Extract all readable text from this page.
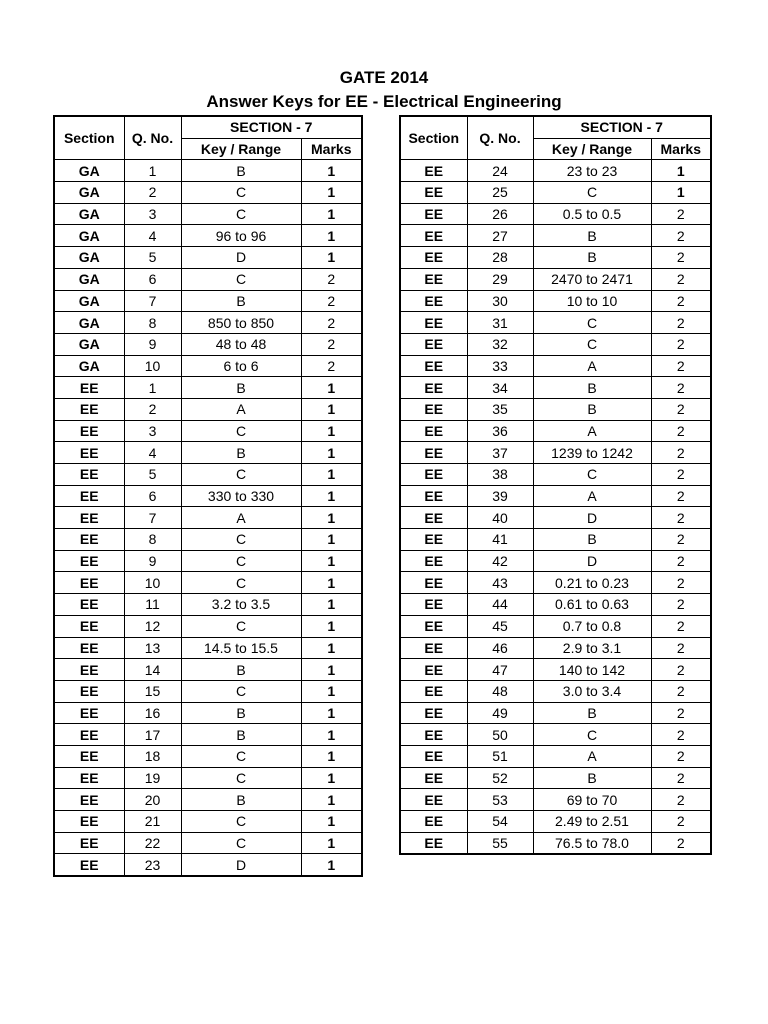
GATE 2014
Answer Keys for EE - Electrical Engineering
Section	Q. No.	SECTION - 7	
		Key / Range	Marks
GA	1	B	1
GA	2	C	1
GA	3	C	1
GA	4	96 to 96	1
GA	5	D	1
GA	6	C	2
GA	7	B	2
GA	8	850 to 850	2
GA	9	48 to 48	2
GA	10	6 to 6	2
EE	1	B	1
EE	2	A	1
EE	3	C	1
EE	4	B	1
EE	5	C	1
EE	6	330 to 330	1
EE	7	A	1
EE	8	C	1
EE	9	C	1
EE	10	C	1
EE	11	3.2 to 3.5	1
EE	12	C	1
EE	13	14.5 to 15.5	1
EE	14	B	1
EE	15	C	1
EE	16	B	1
EE	17	B	1
EE	18	C	1
EE	19	C	1
EE	20	B	1
EE	21	C	1
EE	22	C	1
EE	23	D	1
Section	Q. No.	SECTION - 7	
		Key / Range	Marks
EE	24	23 to 23	1
EE	25	C	1
EE	26	0.5 to 0.5	2
EE	27	B	2
EE	28	B	2
EE	29	2470 to 2471	2
EE	30	10 to 10	2
EE	31	C	2
EE	32	C	2
EE	33	A	2
EE	34	B	2
EE	35	B	2
EE	36	A	2
EE	37	1239 to 1242	2
EE	38	C	2
EE	39	A	2
EE	40	D	2
EE	41	B	2
EE	42	D	2
EE	43	0.21 to 0.23	2
EE	44	0.61 to 0.63	2
EE	45	0.7 to 0.8	2
EE	46	2.9 to 3.1	2
EE	47	140 to 142	2
EE	48	3.0 to 3.4	2
EE	49	B	2
EE	50	C	2
EE	51	A	2
EE	52	B	2
EE	53	69 to 70	2
EE	54	2.49 to 2.51	2
EE	55	76.5 to 78.0	2
